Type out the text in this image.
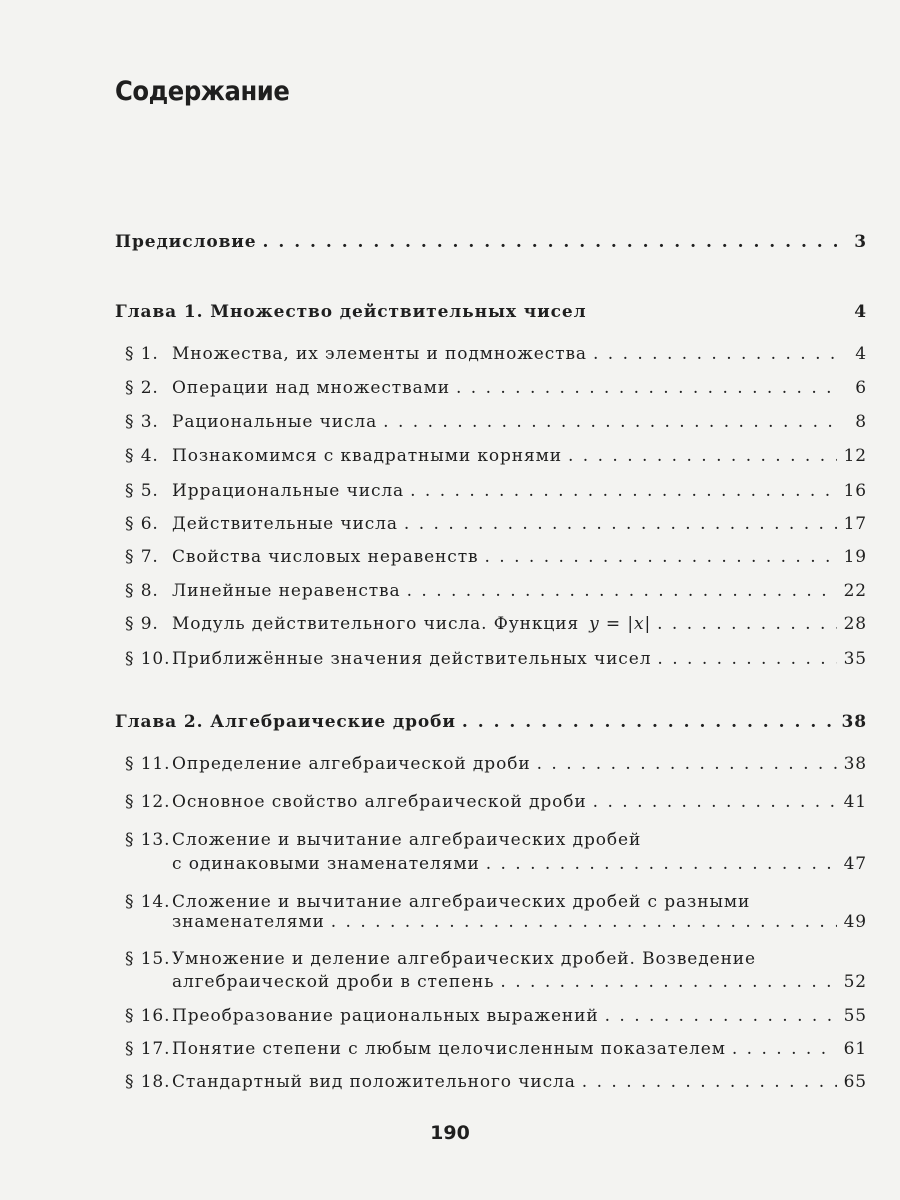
Содержание
Предисловие . . .	3
Глава 1. Множество действительных чисел	4
§ 1. Множества, их элементы и подмножества . . .	4
§ 2. Операции над множествами . . .	6
§ 3. Рациональные числа . . .	8
§ 4. Познакомимся с квадратными корнями . . .	12
§ 5. Иррациональные числа . . .	16
§ 6. Действительные числа . . .	17
§ 7. Свойства числовых неравенств . . .	19
§ 8. Линейные неравенства . . .	22
§ 9. Модуль действительного числа. Функция y = |x| . . .	28
§ 10. Приближённые значения действительных чисел . . .	35
Глава 2. Алгебраические дроби . . .	38
§ 11. Определение алгебраической дроби . . .	38
§ 12. Основное свойство алгебраической дроби . . .	41
§ 13. Сложение и вычитание алгебраических дробей
с одинаковыми знаменателями . . .	47
§ 14. Сложение и вычитание алгебраических дробей с разными
знаменателями . . .	49
§ 15. Умножение и деление алгебраических дробей. Возведение
алгебраической дроби в степень . . .	52
§ 16. Преобразование рациональных выражений . . .	55
§ 17. Понятие степени с любым целочисленным показателем . . .	61
§ 18. Стандартный вид положительного числа . . .	65
190
